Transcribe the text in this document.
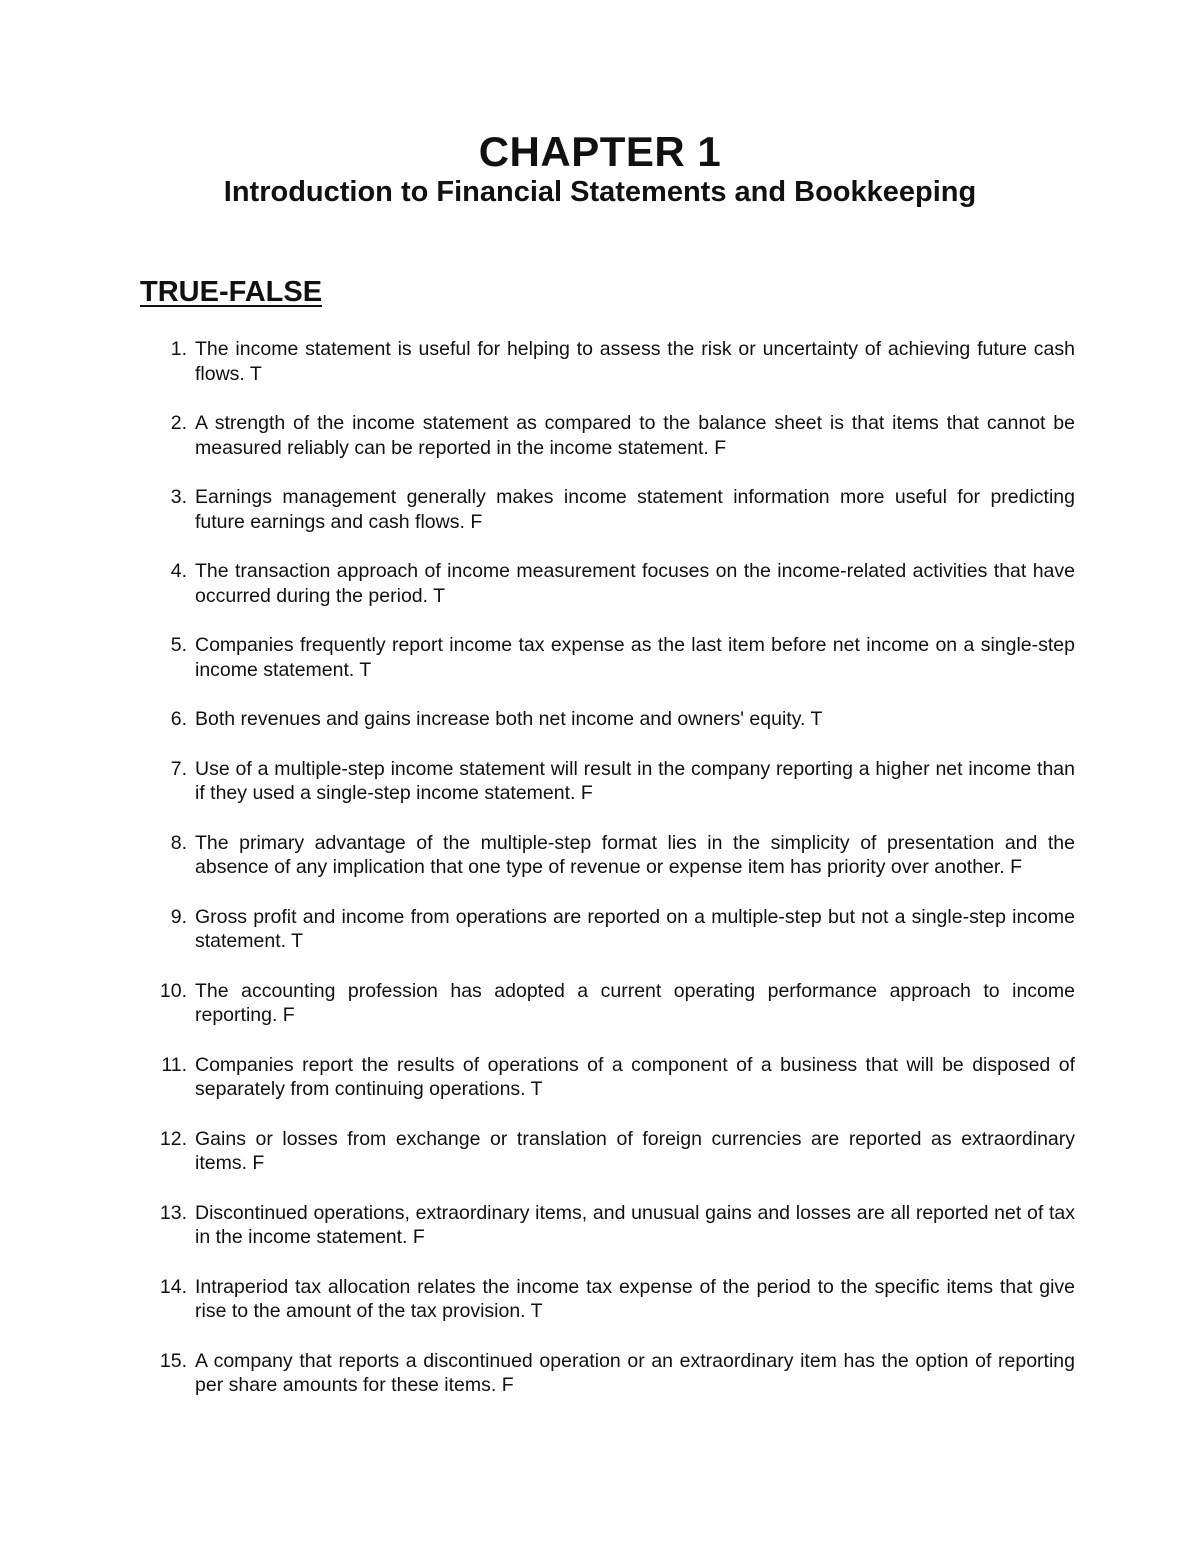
CHAPTER 1
Introduction to Financial Statements and Bookkeeping
TRUE-FALSE
1. The income statement is useful for helping to assess the risk or uncertainty of achieving future cash flows. T
2. A strength of the income statement as compared to the balance sheet is that items that cannot be measured reliably can be reported in the income statement. F
3. Earnings management generally makes income statement information more useful for predicting future earnings and cash flows. F
4. The transaction approach of income measurement focuses on the income-related activities that have occurred during the period. T
5. Companies frequently report income tax expense as the last item before net income on a single-step income statement. T
6. Both revenues and gains increase both net income and owners' equity. T
7. Use of a multiple-step income statement will result in the company reporting a higher net income than if they used a single-step income statement. F
8. The primary advantage of the multiple-step format lies in the simplicity of presentation and the absence of any implication that one type of revenue or expense item has priority over another. F
9. Gross profit and income from operations are reported on a multiple-step but not a single-step income statement. T
10. The accounting profession has adopted a current operating performance approach to income reporting. F
11. Companies report the results of operations of a component of a business that will be disposed of separately from continuing operations. T
12. Gains or losses from exchange or translation of foreign currencies are reported as extraordinary items. F
13. Discontinued operations, extraordinary items, and unusual gains and losses are all reported net of tax in the income statement. F
14. Intraperiod tax allocation relates the income tax expense of the period to the specific items that give rise to the amount of the tax provision. T
15. A company that reports a discontinued operation or an extraordinary item has the option of reporting per share amounts for these items. F
